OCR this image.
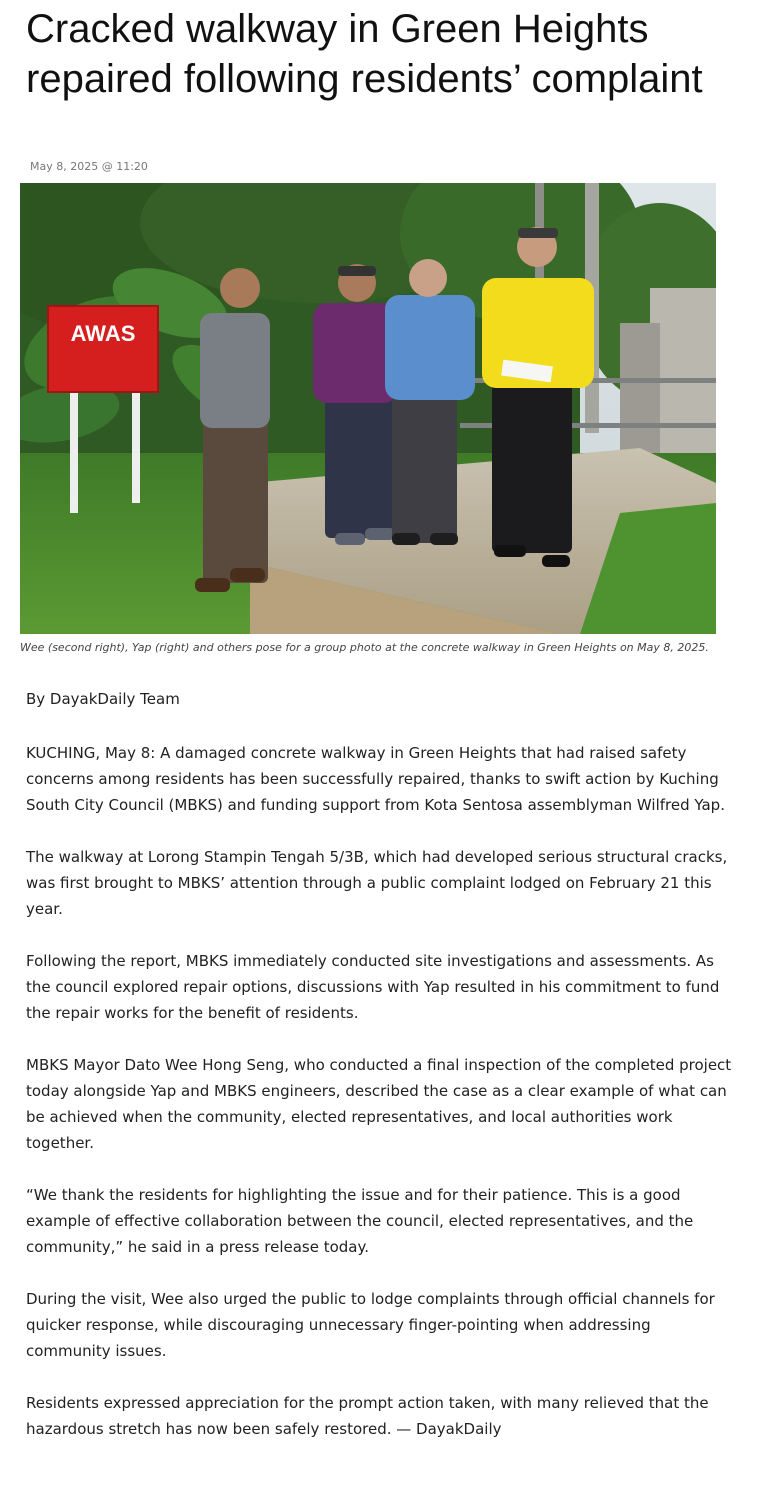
Cracked walkway in Green Heights repaired following residents’ complaint
May 8, 2025 @ 11:20
AWAS

Wee (second right), Yap (right) and others pose for a group photo at the concrete walkway in Green Heights on May 8, 2025.

By DayakDaily Team

KUCHING, May 8: A damaged concrete walkway in Green Heights that had raised safety concerns among residents has been successfully repaired, thanks to swift action by Kuching South City Council (MBKS) and funding support from Kota Sentosa assemblyman Wilfred Yap.

The walkway at Lorong Stampin Tengah 5/3B, which had developed serious structural cracks, was first brought to MBKS’ attention through a public complaint lodged on February 21 this year.

Following the report, MBKS immediately conducted site investigations and assessments. As the council explored repair options, discussions with Yap resulted in his commitment to fund the repair works for the benefit of residents.

MBKS Mayor Dato Wee Hong Seng, who conducted a final inspection of the completed project today alongside Yap and MBKS engineers, described the case as a clear example of what can be achieved when the community, elected representatives, and local authorities work together.

“We thank the residents for highlighting the issue and for their patience. This is a good example of effective collaboration between the council, elected representatives, and the community,” he said in a press release today.

During the visit, Wee also urged the public to lodge complaints through official channels for quicker response, while discouraging unnecessary finger-pointing when addressing community issues.

Residents expressed appreciation for the prompt action taken, with many relieved that the hazardous stretch has now been safely restored. — DayakDaily
